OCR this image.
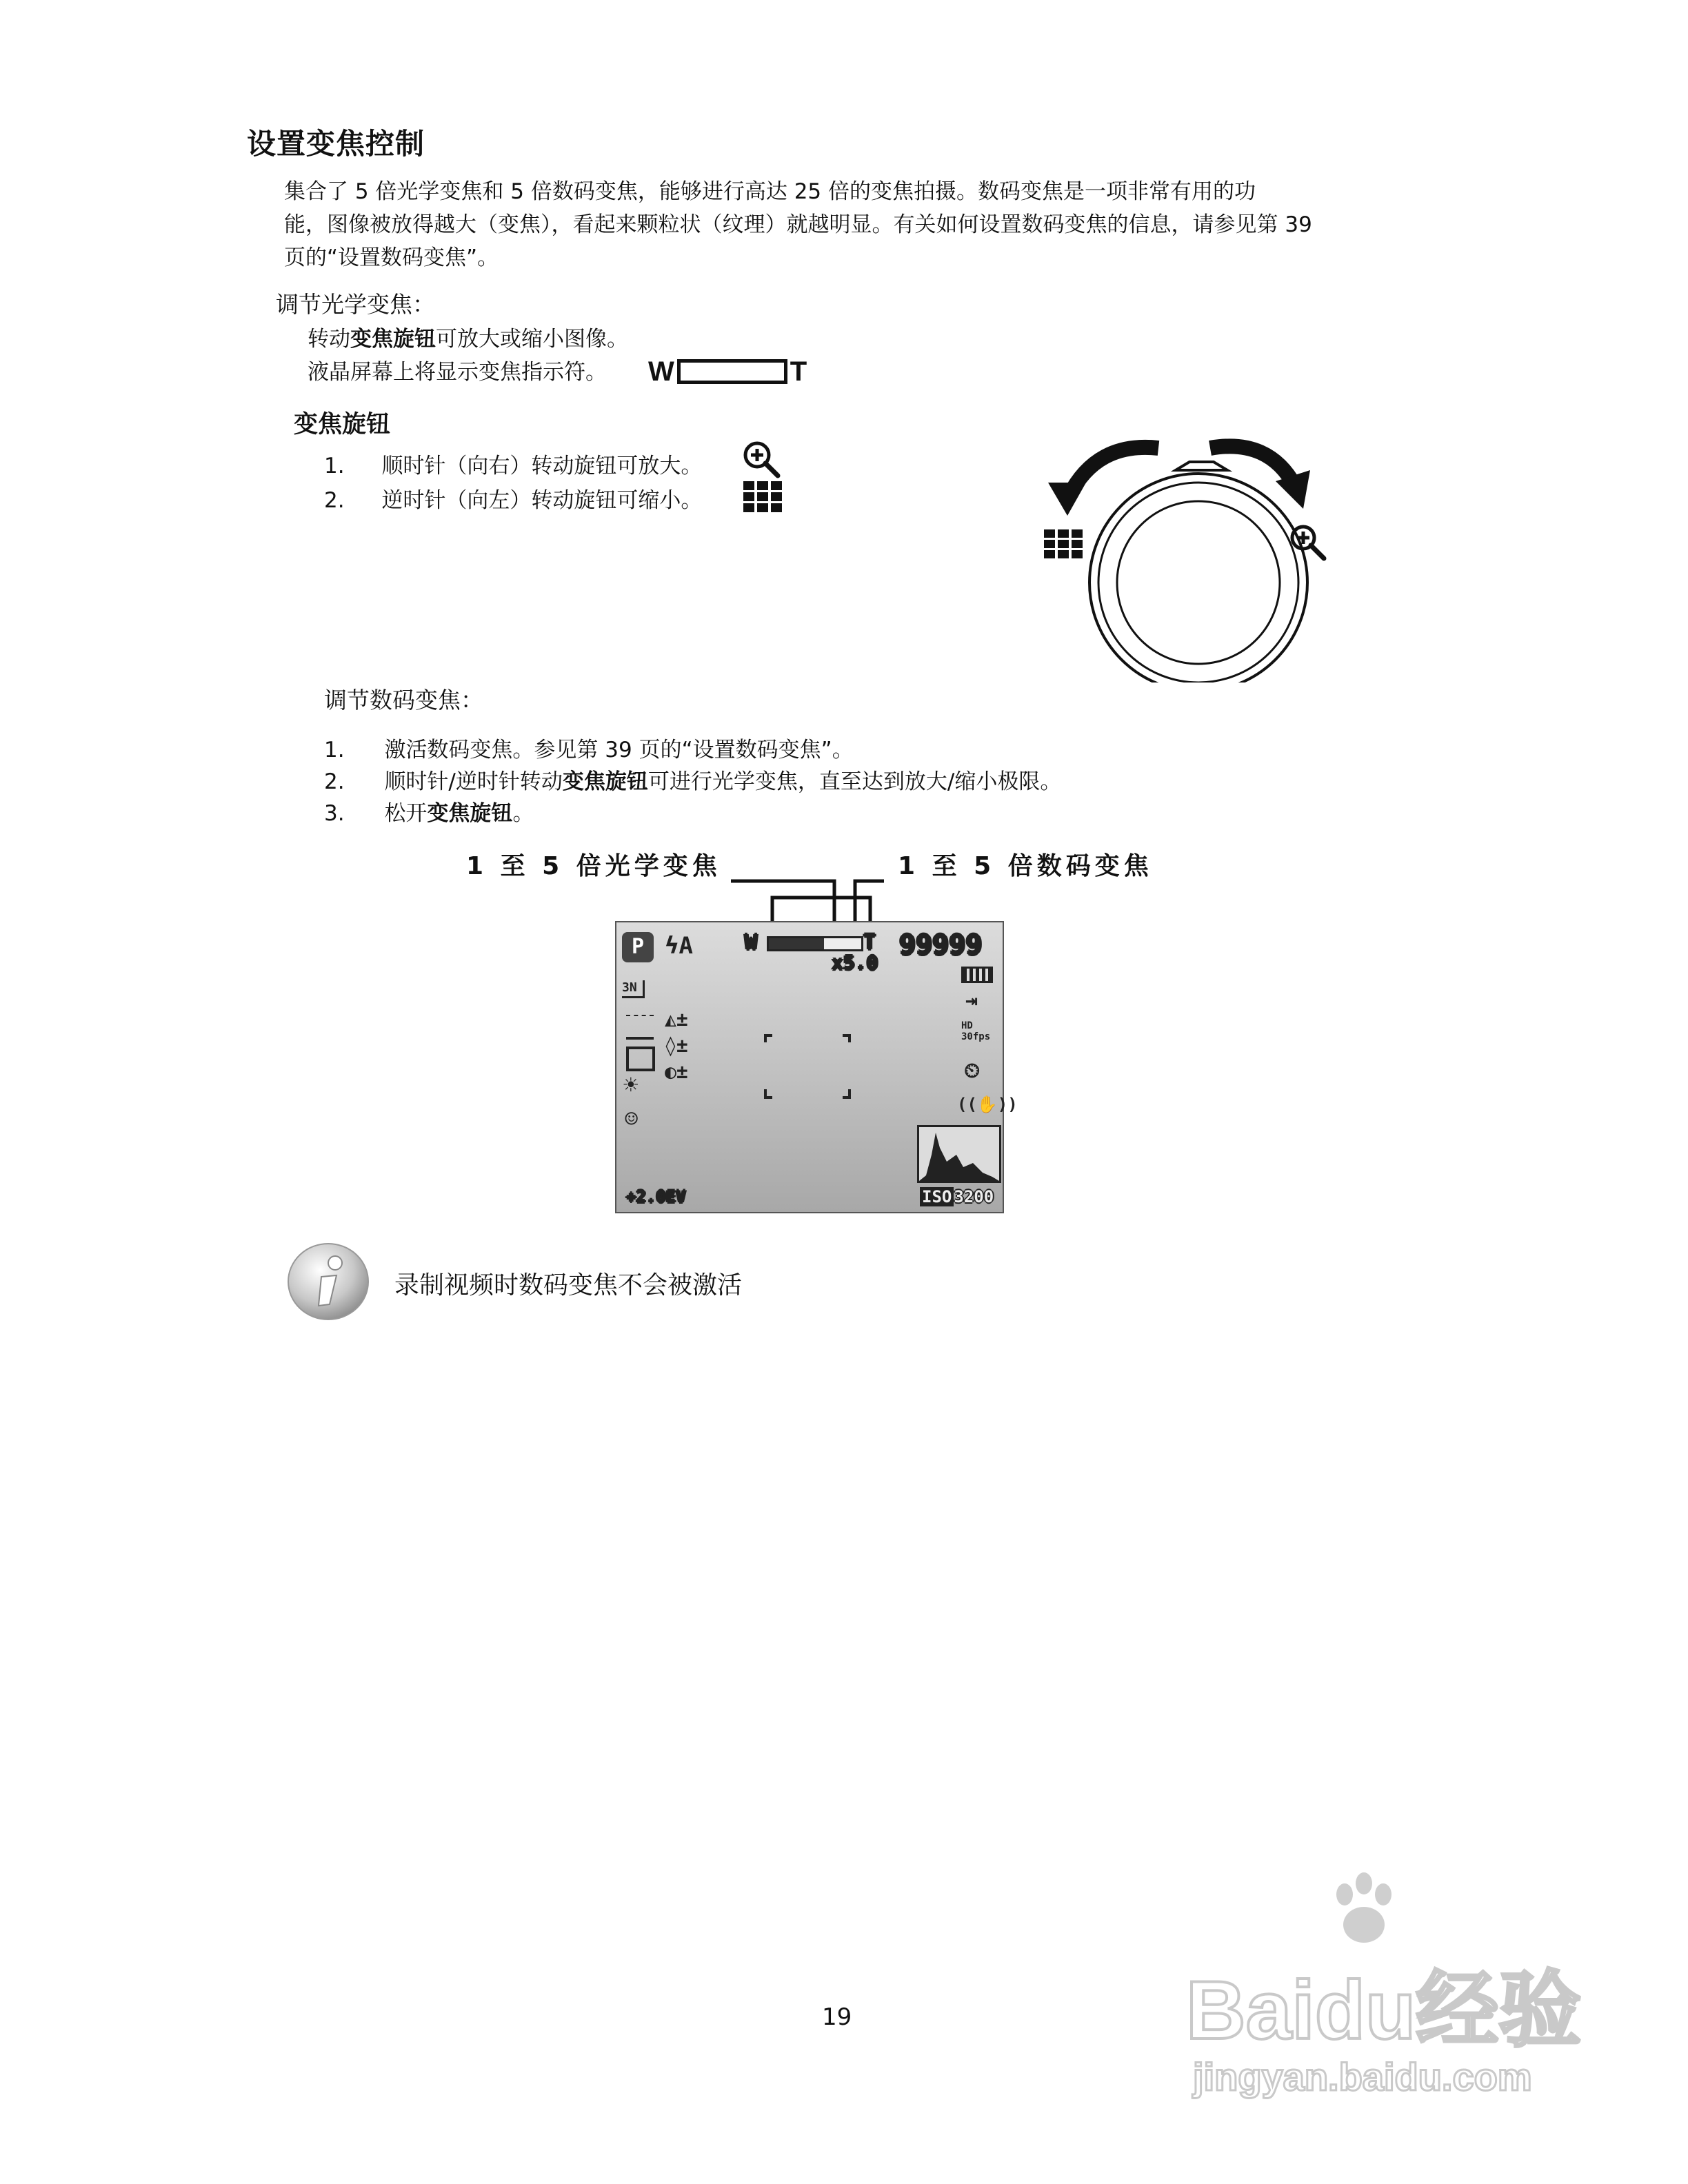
设置变焦控制
集合了 5 倍光学变焦和 5 倍数码变焦，能够进行高达 25 倍的变焦拍摄。数码变焦是一项非常有用的功
能，图像被放得越大（变焦），看起来颗粒状（纹理）就越明显。有关如何设置数码变焦的信息，请参见第 39
页的“设置数码变焦”。
调节光学变焦：
转动变焦旋钮可放大或缩小图像。
液晶屏幕上将显示变焦指示符。 W	T
变焦旋钮
1. 顺时针（向右）转动旋钮可放大。
2. 逆时针（向左）转动旋钮可缩小。
调节数码变焦：
1. 激活数码变焦。参见第 39 页的“设置数码变焦”。
2. 顺时针/逆时针转动变焦旋钮可进行光学变焦，直至达到放大/缩小极限。
3. 松开变焦旋钮。
1 至 5 倍光学变焦	1 至 5 倍数码变焦
P ϟA	W	T
x5.0
99999
3N
☀
☺
◭±
◊±
◐±
⇥
HD
30fps
⏲
((✋))
+2.0EV	ISO 3200
录制视频时数码变焦不会被激活
19	Baidu经验
jingyan.baidu.com
